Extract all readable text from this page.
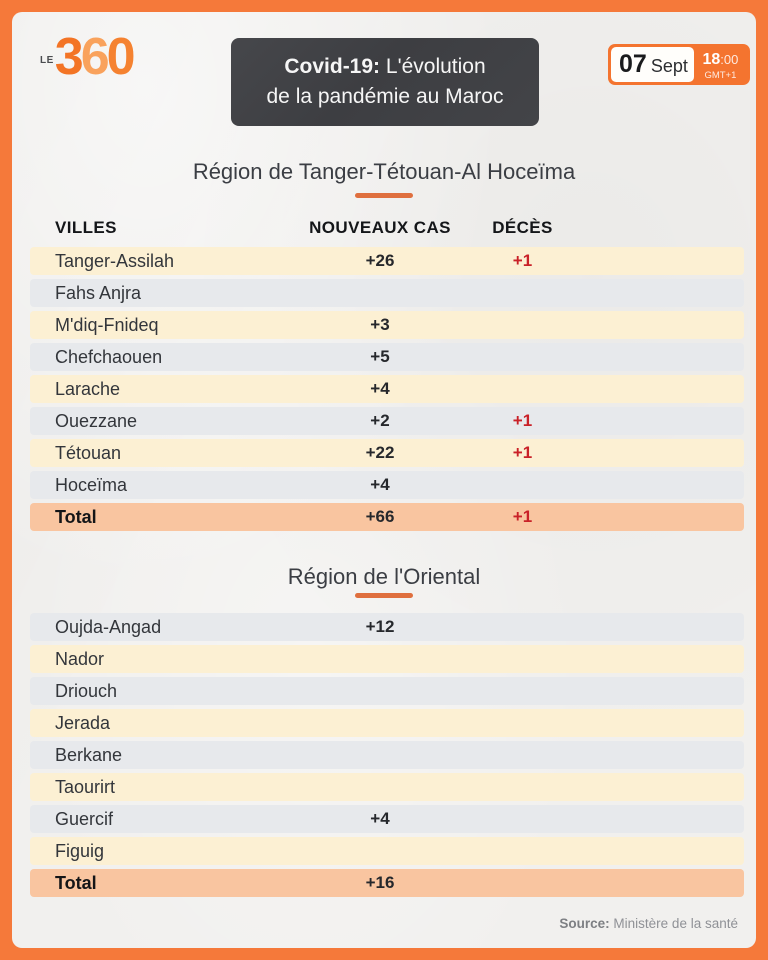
LE 3 6 0	Covid-19: L'évolution
de la pandémie au Maroc
07 Sept 18:00
GMT+1
Région de Tanger-Tétouan-Al Hoceïma
VILLES	NOUVEAUX CAS	DÉCÈS
Tanger-Assilah	+26	+1
Fahs Anjra
M'diq-Fnideq	+3
Chefchaouen	+5
Larache	+4
Ouezzane	+2	+1
Tétouan	+22	+1
Hoceïma	+4
Total	+66	+1
Région de l'Oriental
Oujda-Angad	+12
Nador
Driouch
Jerada
Berkane
Taourirt
Guercif	+4
Figuig
Total	+16
Source: Ministère de la santé
